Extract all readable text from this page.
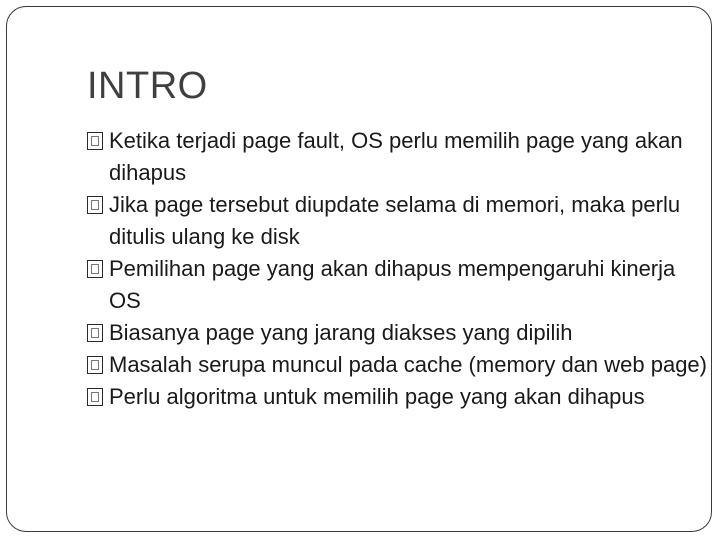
INTRO
Ketika terjadi page fault, OS perlu memilih page yang akan dihapus
Jika page tersebut diupdate selama di memori, maka perlu ditulis ulang ke disk
Pemilihan page yang akan dihapus mempengaruhi kinerja OS
Biasanya page yang jarang diakses yang dipilih
Masalah serupa muncul pada cache (memory dan web page)
Perlu algoritma untuk memilih page yang akan dihapus
